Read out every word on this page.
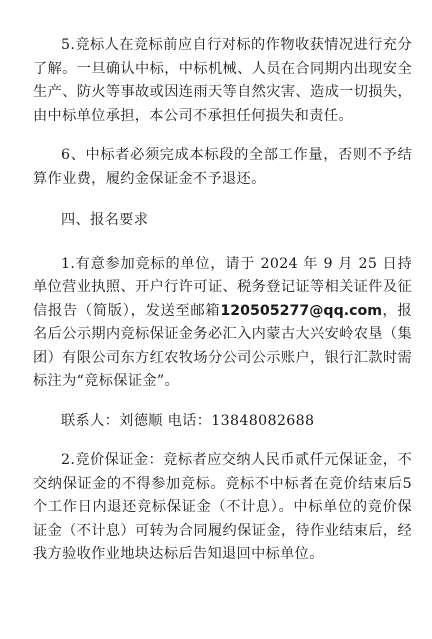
5.竞标人在竞标前应自行对标的作物收获情况进行充分了解。一旦确认中标，中标机械、人员在合同期内出现安全生产、防火等事故或因连雨天等自然灾害、造成一切损失，由中标单位承担，本公司不承担任何损失和责任。

6、中标者必须完成本标段的全部工作量，否则不予结算作业费，履约金保证金不予退还。

四、报名要求

1.有意参加竞标的单位，请于 2024 年 9 月 25 日持单位营业执照、开户行许可证、税务登记证等相关证件及征信报告（简版），发送至邮箱120505277@qq.com，报名后公示期内竞标保证金务必汇入内蒙古大兴安岭农垦（集团）有限公司东方红农牧场分公司公示账户，银行汇款时需标注为“竞标保证金”。

联系人：刘德顺 电话：13848082688

2.竞价保证金：竞标者应交纳人民币贰仟元保证金，不交纳保证金的不得参加竞标。竞标不中标者在竞价结束后5个工作日内退还竞标保证金（不计息）。中标单位的竞价保证金（不计息）可转为合同履约保证金，待作业结束后，经我方验收作业地块达标后告知退回中标单位。
